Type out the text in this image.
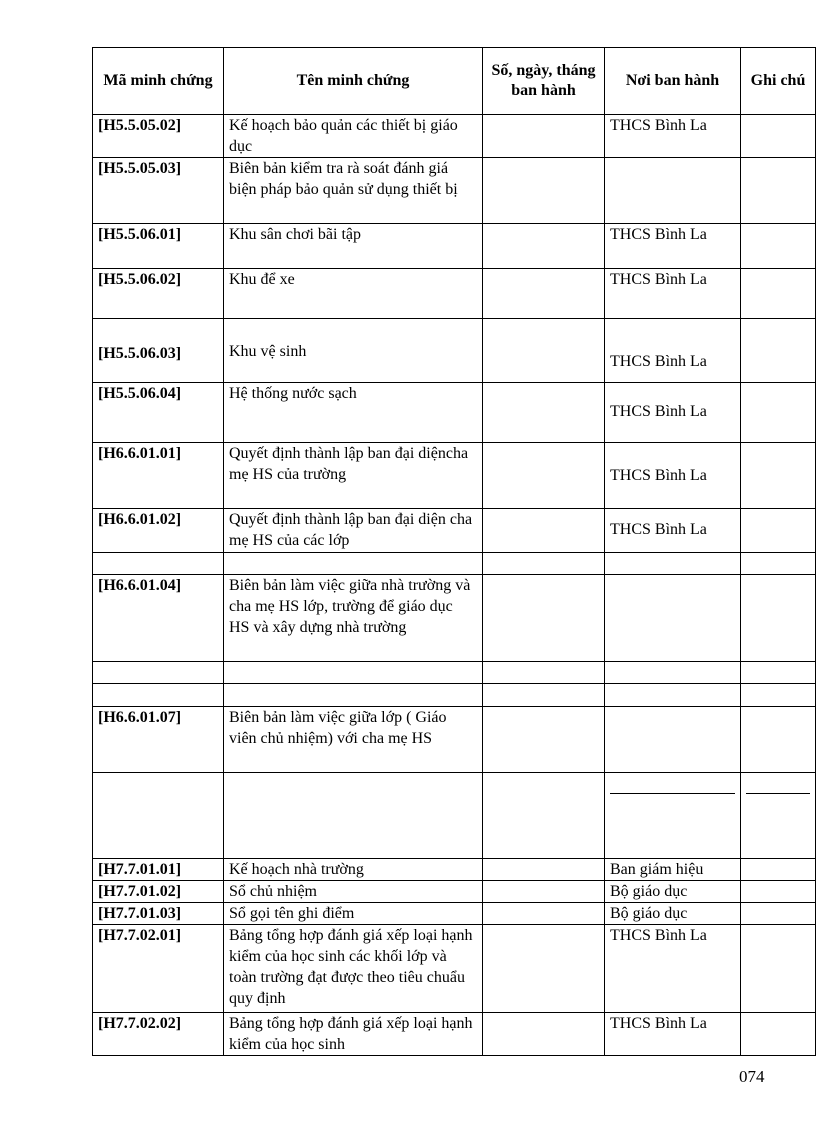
Mã minh chứng	Tên minh chứng	Số, ngày, tháng ban hành	Nơi ban hành	Ghi chú
[H5.5.05.02]	Kế hoạch bảo quản các thiết bị giáo dục		THCS Bình La	
[H5.5.05.03]	Biên bản kiểm tra rà soát đánh giá biện pháp bảo quản sử dụng thiết bị			
[H5.5.06.01]	Khu sân chơi bãi tập		THCS Bình La	
[H5.5.06.02]	Khu để xe		THCS Bình La	
[H5.5.06.03]	Khu vệ sinh		THCS Bình La	
[H5.5.06.04]	Hệ thống nước sạch		THCS Bình La	
[H6.6.01.01]	Quyết định thành lập ban đại diệncha mẹ HS của trường		THCS Bình La	
[H6.6.01.02]	Quyết định thành lập ban đại diện cha mẹ HS của các lớp		THCS Bình La	

[H6.6.01.04]	Biên bản làm việc giữa nhà trường và cha mẹ HS lớp, trường để giáo dục HS và xây dựng nhà trường			

[H6.6.01.07]	Biên bản làm việc giữa lớp ( Giáo viên chủ nhiệm) với cha mẹ HS			

[H7.7.01.01]	Kế hoạch nhà trường		Ban giám hiệu	
[H7.7.01.02]	Sổ chủ nhiệm		Bộ giáo dục	
[H7.7.01.03]	Sổ gọi tên ghi điểm		Bộ giáo dục	
[H7.7.02.01]	Bảng tổng hợp đánh giá xếp loại hạnh kiểm của học sinh các khối lớp và toàn trường đạt được theo tiêu chuẩu quy định		THCS Bình La	
[H7.7.02.02]	Bảng tổng hợp đánh giá xếp loại hạnh kiểm của học sinh		THCS Bình La	
074
